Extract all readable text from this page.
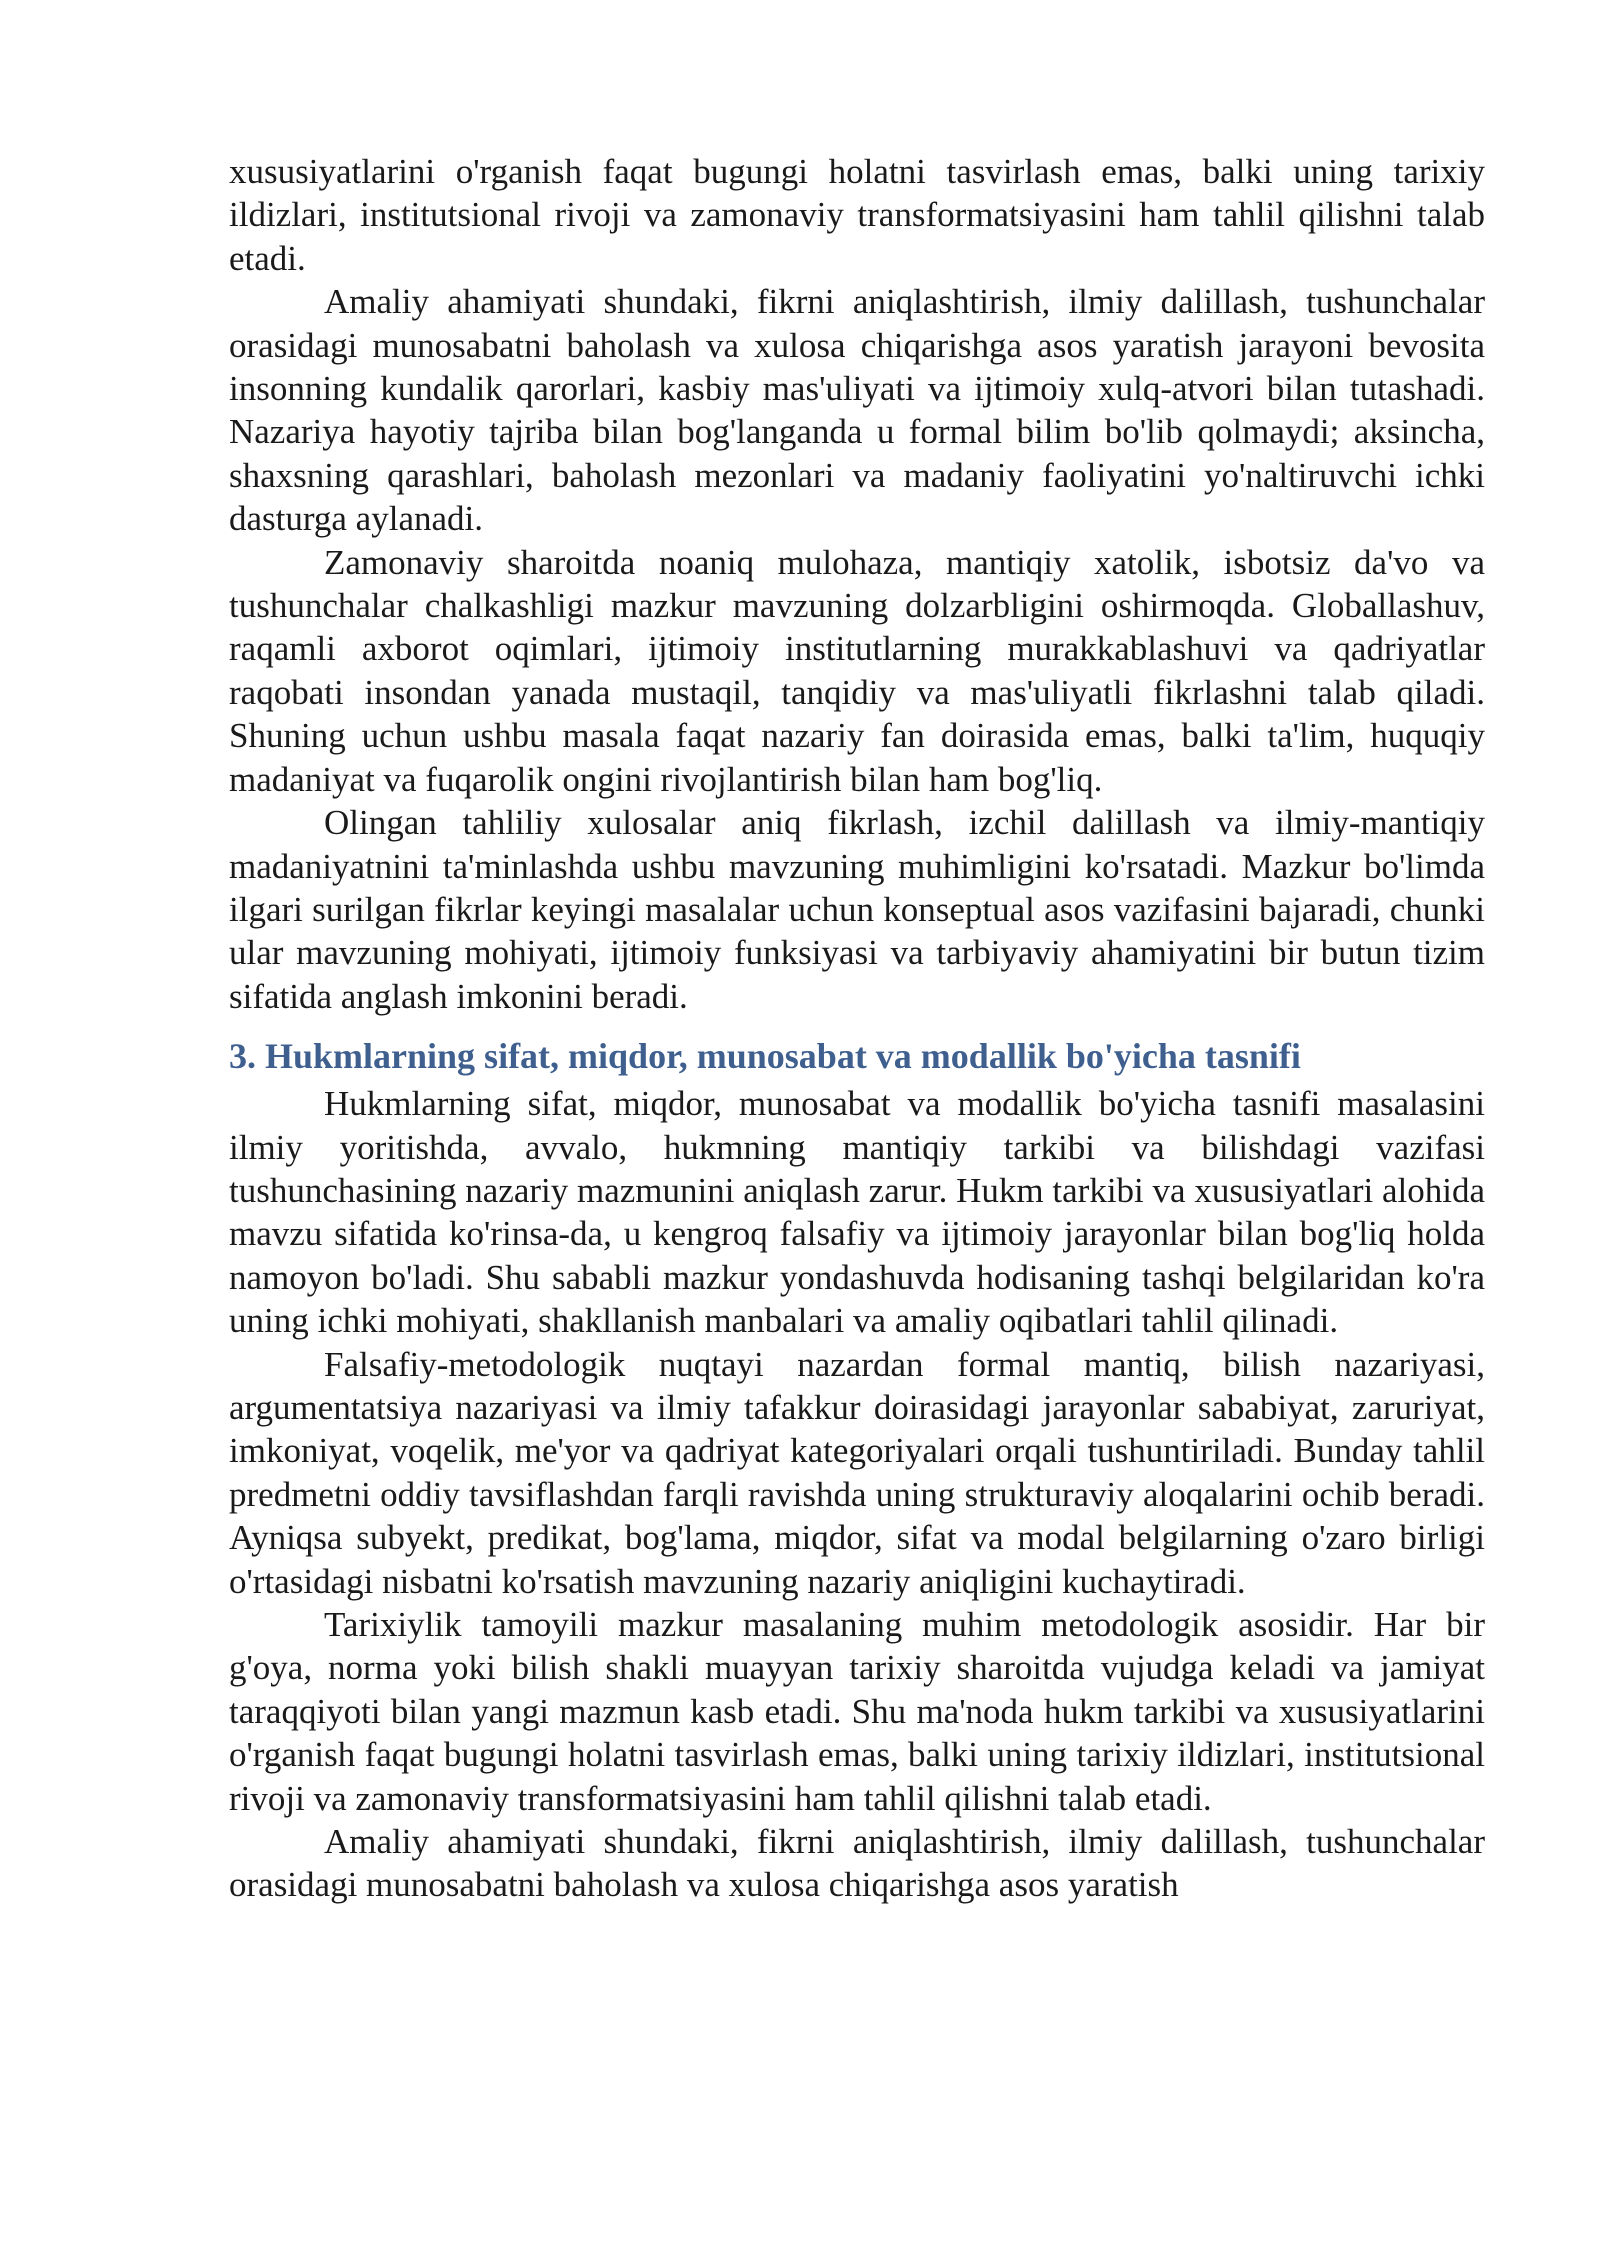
xususiyatlarini o'rganish faqat bugungi holatni tasvirlash emas, balki uning tarixiy ildizlari, institutsional rivoji va zamonaviy transformatsiyasini ham tahlil qilishni talab etadi.

Amaliy ahamiyati shundaki, fikrni aniqlashtirish, ilmiy dalillash, tushunchalar orasidagi munosabatni baholash va xulosa chiqarishga asos yaratish jarayoni bevosita insonning kundalik qarorlari, kasbiy mas'uliyati va ijtimoiy xulq-atvori bilan tutashadi. Nazariya hayotiy tajriba bilan bog'langanda u formal bilim bo'lib qolmaydi; aksincha, shaxsning qarashlari, baholash mezonlari va madaniy faoliyatini yo'naltiruvchi ichki dasturga aylanadi.

Zamonaviy sharoitda noaniq mulohaza, mantiqiy xatolik, isbotsiz da'vo va tushunchalar chalkashligi mazkur mavzuning dolzarbligini oshirmoqda. Globallashuv, raqamli axborot oqimlari, ijtimoiy institutlarning murakkablashuvi va qadriyatlar raqobati insondan yanada mustaqil, tanqidiy va mas'uliyatli fikrlashni talab qiladi. Shuning uchun ushbu masala faqat nazariy fan doirasida emas, balki ta'lim, huquqiy madaniyat va fuqarolik ongini rivojlantirish bilan ham bog'liq.

Olingan tahliliy xulosalar aniq fikrlash, izchil dalillash va ilmiy-mantiqiy madaniyatnini ta'minlashda ushbu mavzuning muhimligini ko'rsatadi. Mazkur bo'limda ilgari surilgan fikrlar keyingi masalalar uchun konseptual asos vazifasini bajaradi, chunki ular mavzuning mohiyati, ijtimoiy funksiyasi va tarbiyaviy ahamiyatini bir butun tizim sifatida anglash imkonini beradi.

3. Hukmlarning sifat, miqdor, munosabat va modallik bo'yicha tasnifi

Hukmlarning sifat, miqdor, munosabat va modallik bo'yicha tasnifi masalasini ilmiy yoritishda, avvalo, hukmning mantiqiy tarkibi va bilishdagi vazifasi tushunchasining nazariy mazmunini aniqlash zarur. Hukm tarkibi va xususiyatlari alohida mavzu sifatida ko'rinsa-da, u kengroq falsafiy va ijtimoiy jarayonlar bilan bog'liq holda namoyon bo'ladi. Shu sababli mazkur yondashuvda hodisaning tashqi belgilaridan ko'ra uning ichki mohiyati, shakllanish manbalari va amaliy oqibatlari tahlil qilinadi.

Falsafiy-metodologik nuqtayi nazardan formal mantiq, bilish nazariyasi, argumentatsiya nazariyasi va ilmiy tafakkur doirasidagi jarayonlar sababiyat, zaruriyat, imkoniyat, voqelik, me'yor va qadriyat kategoriyalari orqali tushuntiriladi. Bunday tahlil predmetni oddiy tavsiflashdan farqli ravishda uning strukturaviy aloqalarini ochib beradi. Ayniqsa subyekt, predikat, bog'lama, miqdor, sifat va modal belgilarning o'zaro birligi o'rtasidagi nisbatni ko'rsatish mavzuning nazariy aniqligini kuchaytiradi.

Tarixiylik tamoyili mazkur masalaning muhim metodologik asosidir. Har bir g'oya, norma yoki bilish shakli muayyan tarixiy sharoitda vujudga keladi va jamiyat taraqqiyoti bilan yangi mazmun kasb etadi. Shu ma'noda hukm tarkibi va xususiyatlarini o'rganish faqat bugungi holatni tasvirlash emas, balki uning tarixiy ildizlari, institutsional rivoji va zamonaviy transformatsiyasini ham tahlil qilishni talab etadi.

Amaliy ahamiyati shundaki, fikrni aniqlashtirish, ilmiy dalillash, tushunchalar orasidagi munosabatni baholash va xulosa chiqarishga asos yaratish
